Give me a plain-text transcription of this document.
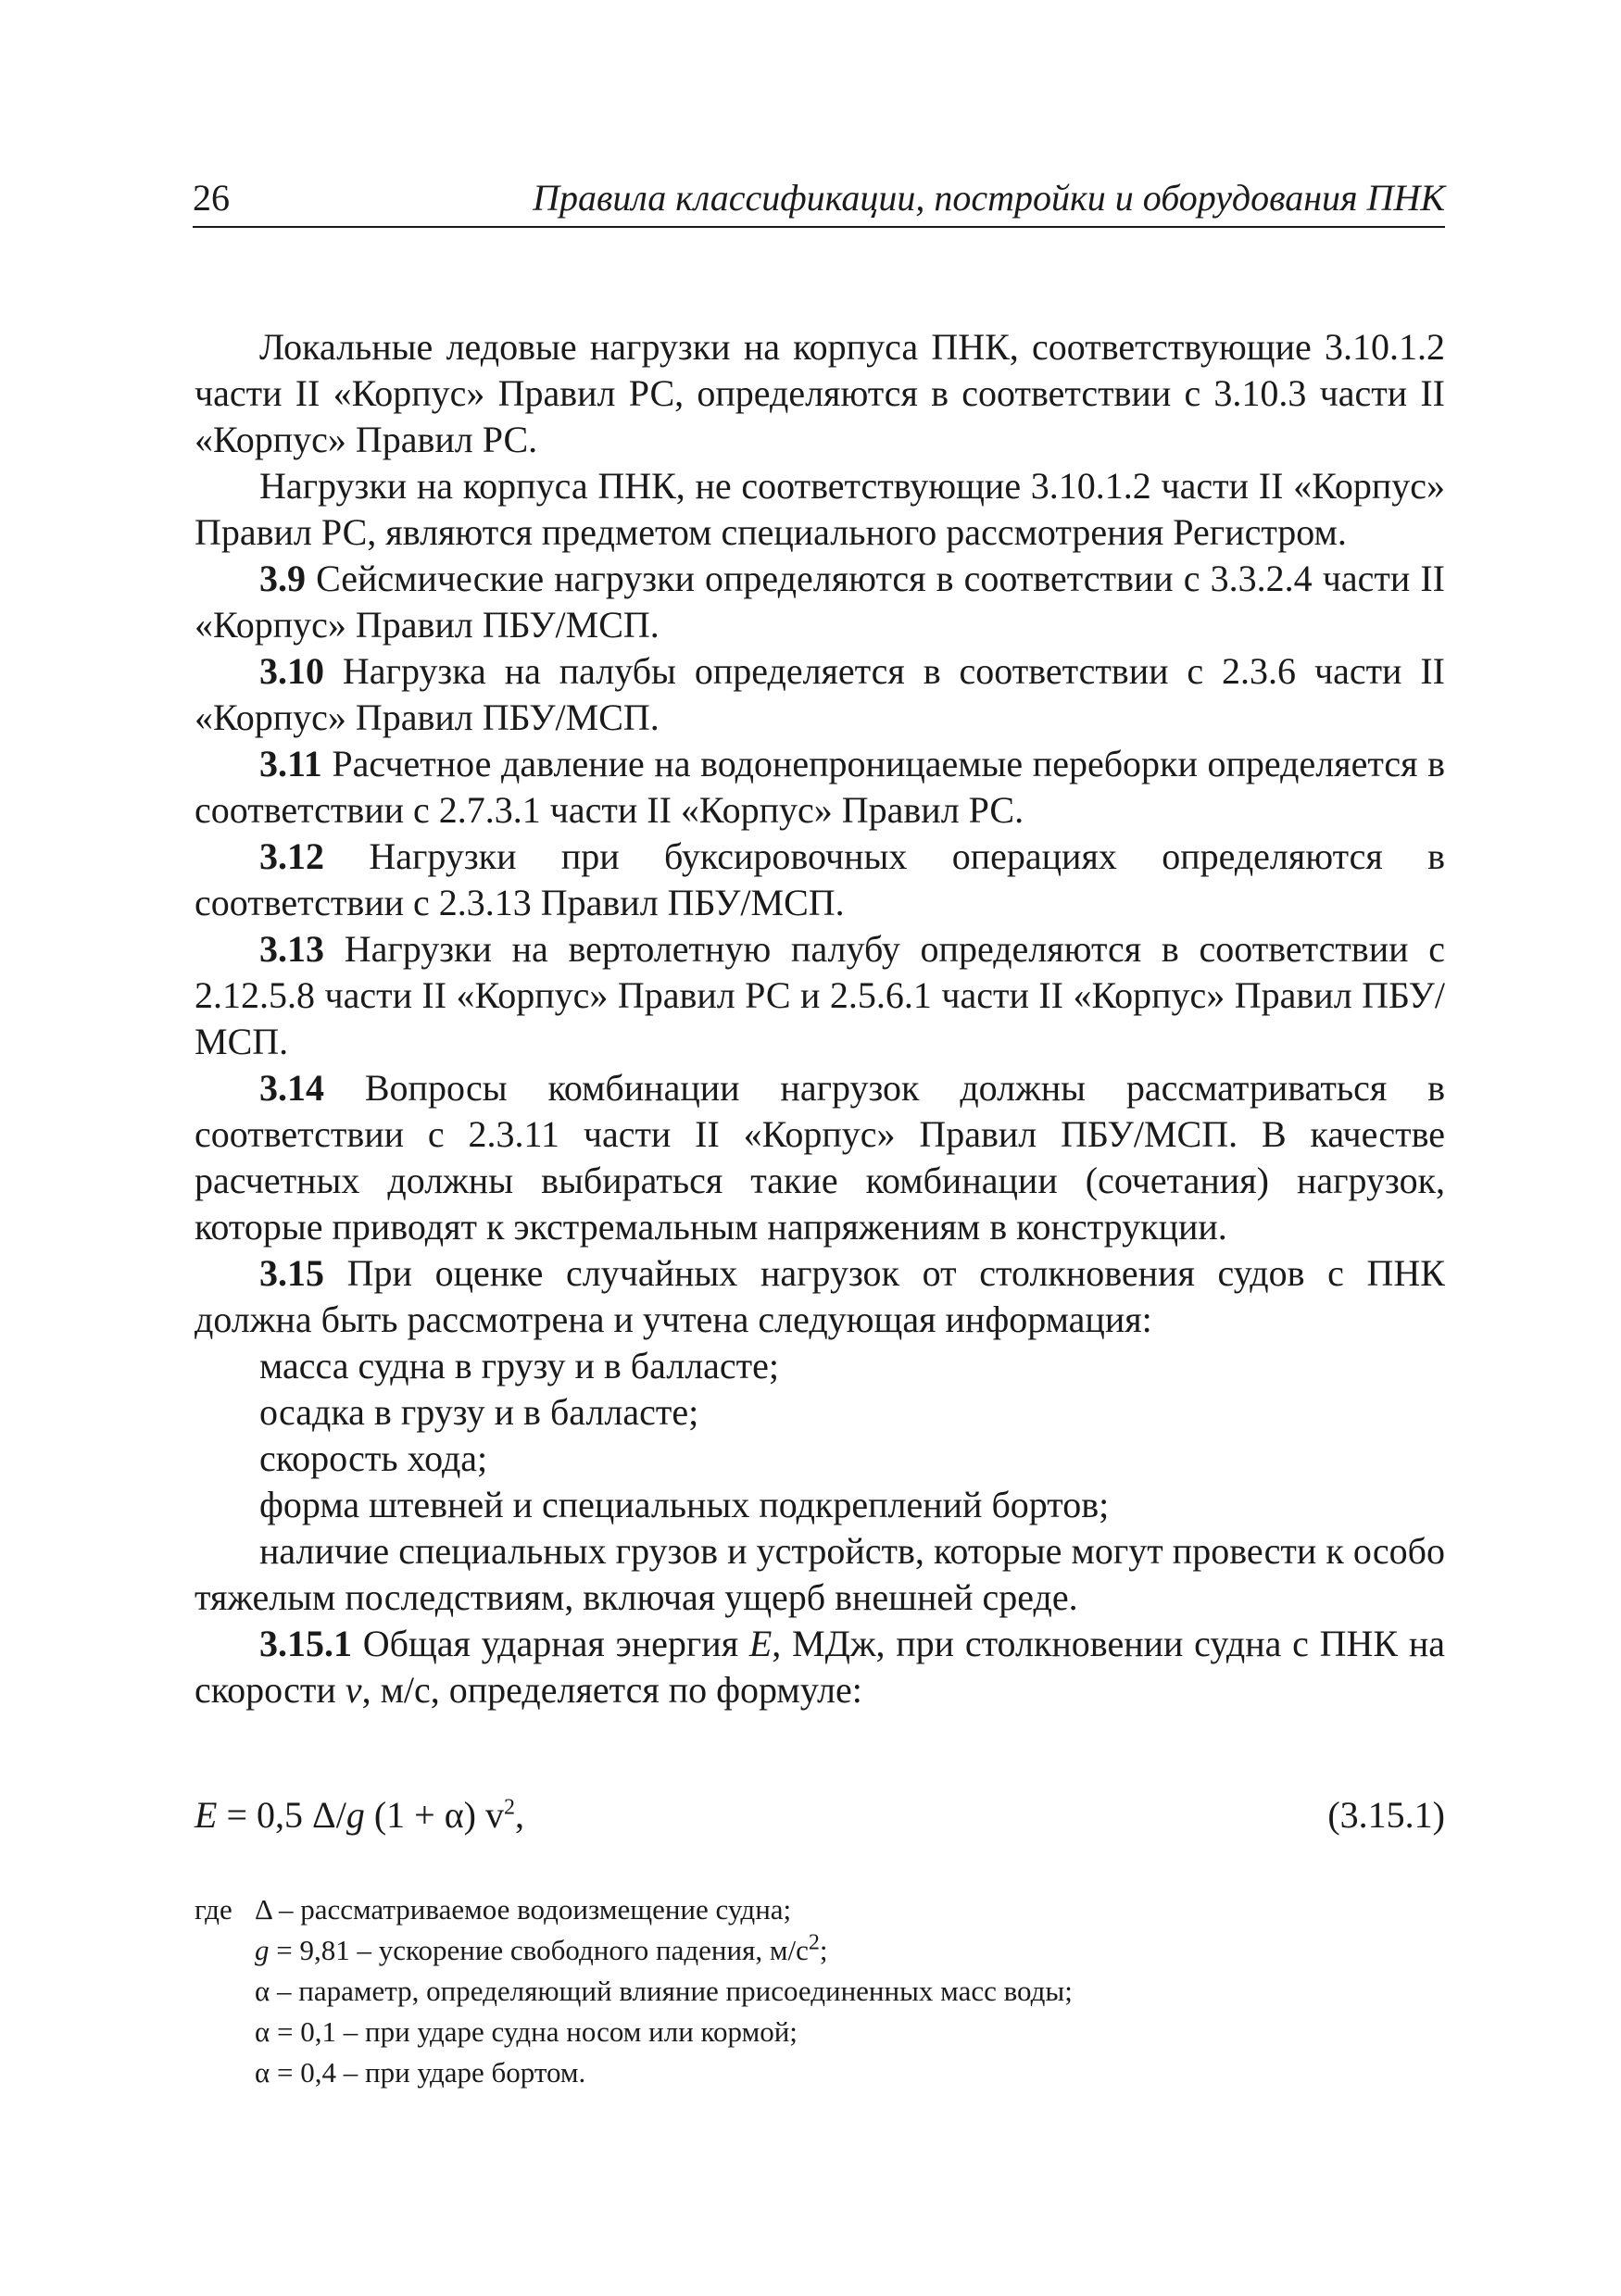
26	Правила классификации, постройки и оборудования ПНК

Локальные ледовые нагрузки на корпуса ПНК, соответствующие 3.10.1.2 части II «Корпус» Правил РС, определяются в соответствии с 3.10.3 части II «Корпус» Правил РС.

Нагрузки на корпуса ПНК, не соответствующие 3.10.1.2 части II «Корпус» Правил РС, являются предметом специального рассмотрения Регистром.

3.9 Сейсмические нагрузки определяются в соответствии с 3.3.2.4 части II «Корпус» Правил ПБУ/МСП.

3.10 Нагрузка на палубы определяется в соответствии с 2.3.6 части II «Корпус» Правил ПБУ/МСП.

3.11 Расчетное давление на водонепроницаемые переборки определяется в соответствии с 2.7.3.1 части II «Корпус» Правил РС.

3.12 Нагрузки при буксировочных операциях определяются в соответствии с 2.3.13 Правил ПБУ/МСП.

3.13 Нагрузки на вертолетную палубу определяются в соответствии с 2.12.5.8 части II «Корпус» Правил РС и 2.5.6.1 части II «Корпус» Правил ПБУ/МСП.

3.14 Вопросы комбинации нагрузок должны рассматриваться в соответствии с 2.3.11 части II «Корпус» Правил ПБУ/МСП. В качестве расчетных должны выбираться такие комбинации (сочетания) нагрузок, которые приводят к экстремальным напряжениям в конструкции.

3.15 При оценке случайных нагрузок от столкновения судов с ПНК должна быть рассмотрена и учтена следующая информация:

масса судна в грузу и в балласте;

осадка в грузу и в балласте;

скорость хода;

форма штевней и специальных подкреплений бортов;

наличие специальных грузов и устройств, которые могут провести к особо тяжелым последствиям, включая ущерб внешней среде.

3.15.1 Общая ударная энергия E, МДж, при столкновении судна с ПНК на скорости v, м/с, определяется по формуле:

E = 0,5 Δ/g (1 + α) $v^2$,	(3.15.1)

где Δ – рассматриваемое водоизмещение судна;

g = 9,81 – ускорение свободного падения, $м/с^2$;

α – параметр, определяющий влияние присоединенных масс воды;

α = 0,1 – при ударе судна носом или кормой;

α = 0,4 – при ударе бортом.
